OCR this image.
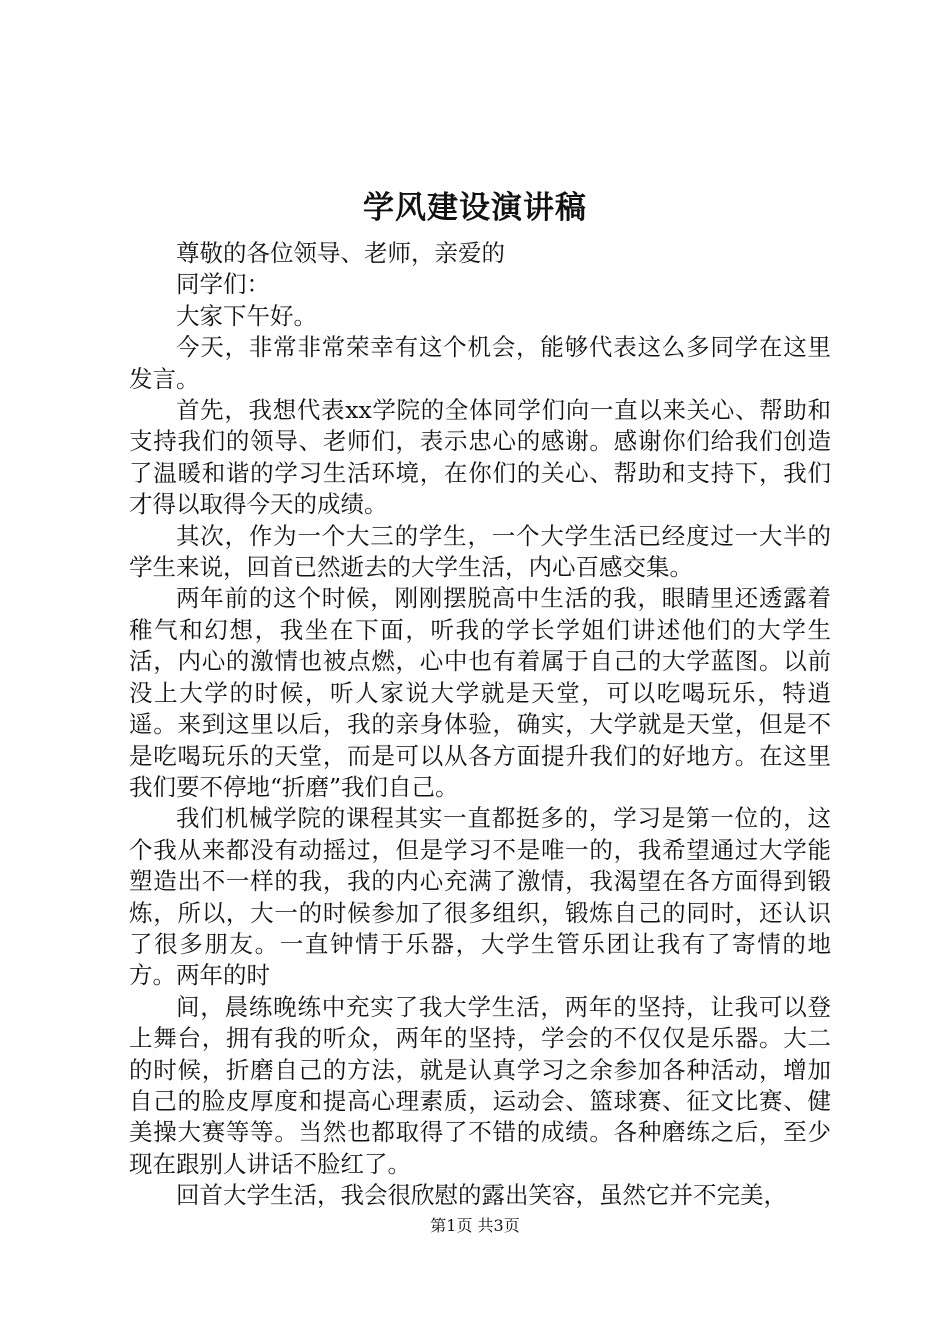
学风建设演讲稿

尊敬的各位领导、老师，亲爱的

同学们：

大家下午好。

今天，非常非常荣幸有这个机会，能够代表这么多同学在这里发言。

首先，我想代表xx学院的全体同学们向一直以来关心、帮助和支持我们的领导、老师们，表示忠心的感谢。感谢你们给我们创造了温暖和谐的学习生活环境，在你们的关心、帮助和支持下，我们才得以取得今天的成绩。

其次，作为一个大三的学生，一个大学生活已经度过一大半的学生来说，回首已然逝去的大学生活，内心百感交集。

两年前的这个时候，刚刚摆脱高中生活的我，眼睛里还透露着稚气和幻想，我坐在下面，听我的学长学姐们讲述他们的大学生活，内心的激情也被点燃，心中也有着属于自己的大学蓝图。以前没上大学的时候，听人家说大学就是天堂，可以吃喝玩乐，特逍遥。来到这里以后，我的亲身体验，确实，大学就是天堂，但是不是吃喝玩乐的天堂，而是可以从各方面提升我们的好地方。在这里我们要不停地“折磨”我们自己。

我们机械学院的课程其实一直都挺多的，学习是第一位的，这个我从来都没有动摇过，但是学习不是唯一的，我希望通过大学能塑造出不一样的我，我的内心充满了激情，我渴望在各方面得到锻炼，所以，大一的时候参加了很多组织，锻炼自己的同时，还认识了很多朋友。一直钟情于乐器，大学生管乐团让我有了寄情的地方。两年的时

间，晨练晚练中充实了我大学生活，两年的坚持，让我可以登上舞台，拥有我的听众，两年的坚持，学会的不仅仅是乐器。大二的时候，折磨自己的方法，就是认真学习之余参加各种活动，增加自己的脸皮厚度和提高心理素质，运动会、篮球赛、征文比赛、健美操大赛等等。当然也都取得了不错的成绩。各种磨练之后，至少现在跟别人讲话不脸红了。

回首大学生活，我会很欣慰的露出笑容，虽然它并不完美，

第1页 共3页
